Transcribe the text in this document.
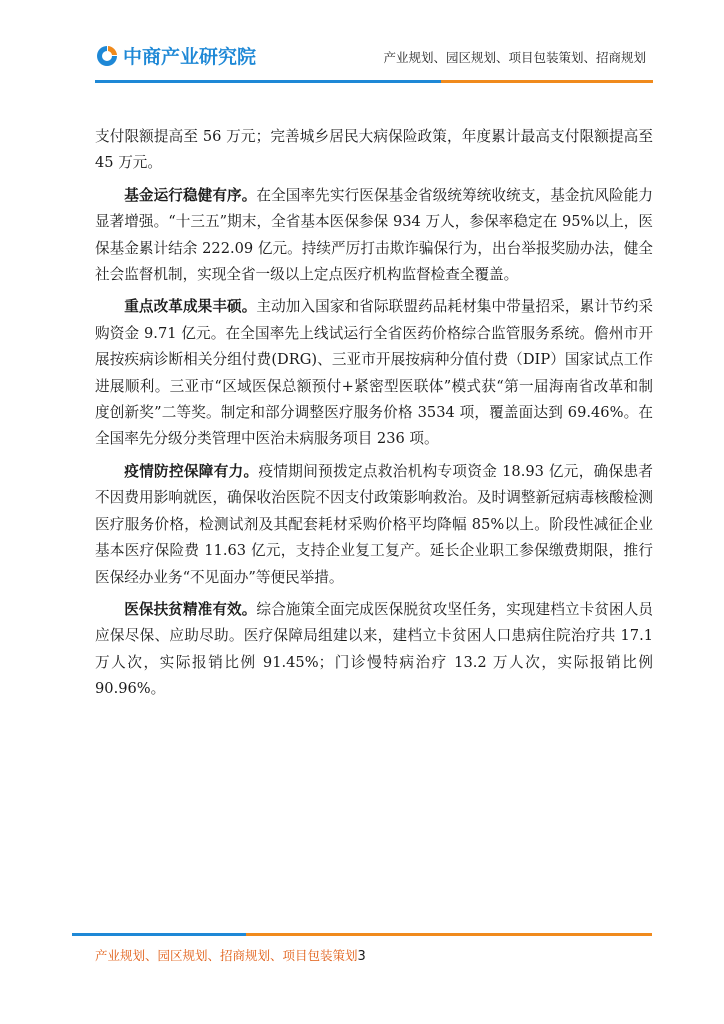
中商产业研究院	产业规划、园区规划、项目包装策划、招商规划

支付限额提高至 56 万元；完善城乡居民大病保险政策，年度累计最高支付限额提高至 45 万元。

基金运行稳健有序。在全国率先实行医保基金省级统筹统收统支，基金抗风险能力显著增强。“十三五”期末，全省基本医保参保 934 万人，参保率稳定在 95%以上，医保基金累计结余 222.09 亿元。持续严厉打击欺诈骗保行为，出台举报奖励办法，健全社会监督机制，实现全省一级以上定点医疗机构监督检查全覆盖。

重点改革成果丰硕。主动加入国家和省际联盟药品耗材集中带量招采，累计节约采购资金 9.71 亿元。在全国率先上线试运行全省医药价格综合监管服务系统。儋州市开展按疾病诊断相关分组付费(DRG)、三亚市开展按病种分值付费（DIP）国家试点工作进展顺利。三亚市“区域医保总额预付+紧密型医联体”模式获“第一届海南省改革和制度创新奖”二等奖。制定和部分调整医疗服务价格 3534 项，覆盖面达到 69.46%。在全国率先分级分类管理中医治未病服务项目 236 项。

疫情防控保障有力。疫情期间预拨定点救治机构专项资金 18.93 亿元，确保患者不因费用影响就医，确保收治医院不因支付政策影响救治。及时调整新冠病毒核酸检测医疗服务价格，检测试剂及其配套耗材采购价格平均降幅 85%以上。阶段性减征企业基本医疗保险费 11.63 亿元，支持企业复工复产。延长企业职工参保缴费期限，推行医保经办业务“不见面办”等便民举措。

医保扶贫精准有效。综合施策全面完成医保脱贫攻坚任务，实现建档立卡贫困人员应保尽保、应助尽助。医疗保障局组建以来，建档立卡贫困人口患病住院治疗共 17.1 万人次，实际报销比例 91.45%；门诊慢特病治疗 13.2 万人次，实际报销比例 90.96%。

产业规划、园区规划、招商规划、项目包装策划3
